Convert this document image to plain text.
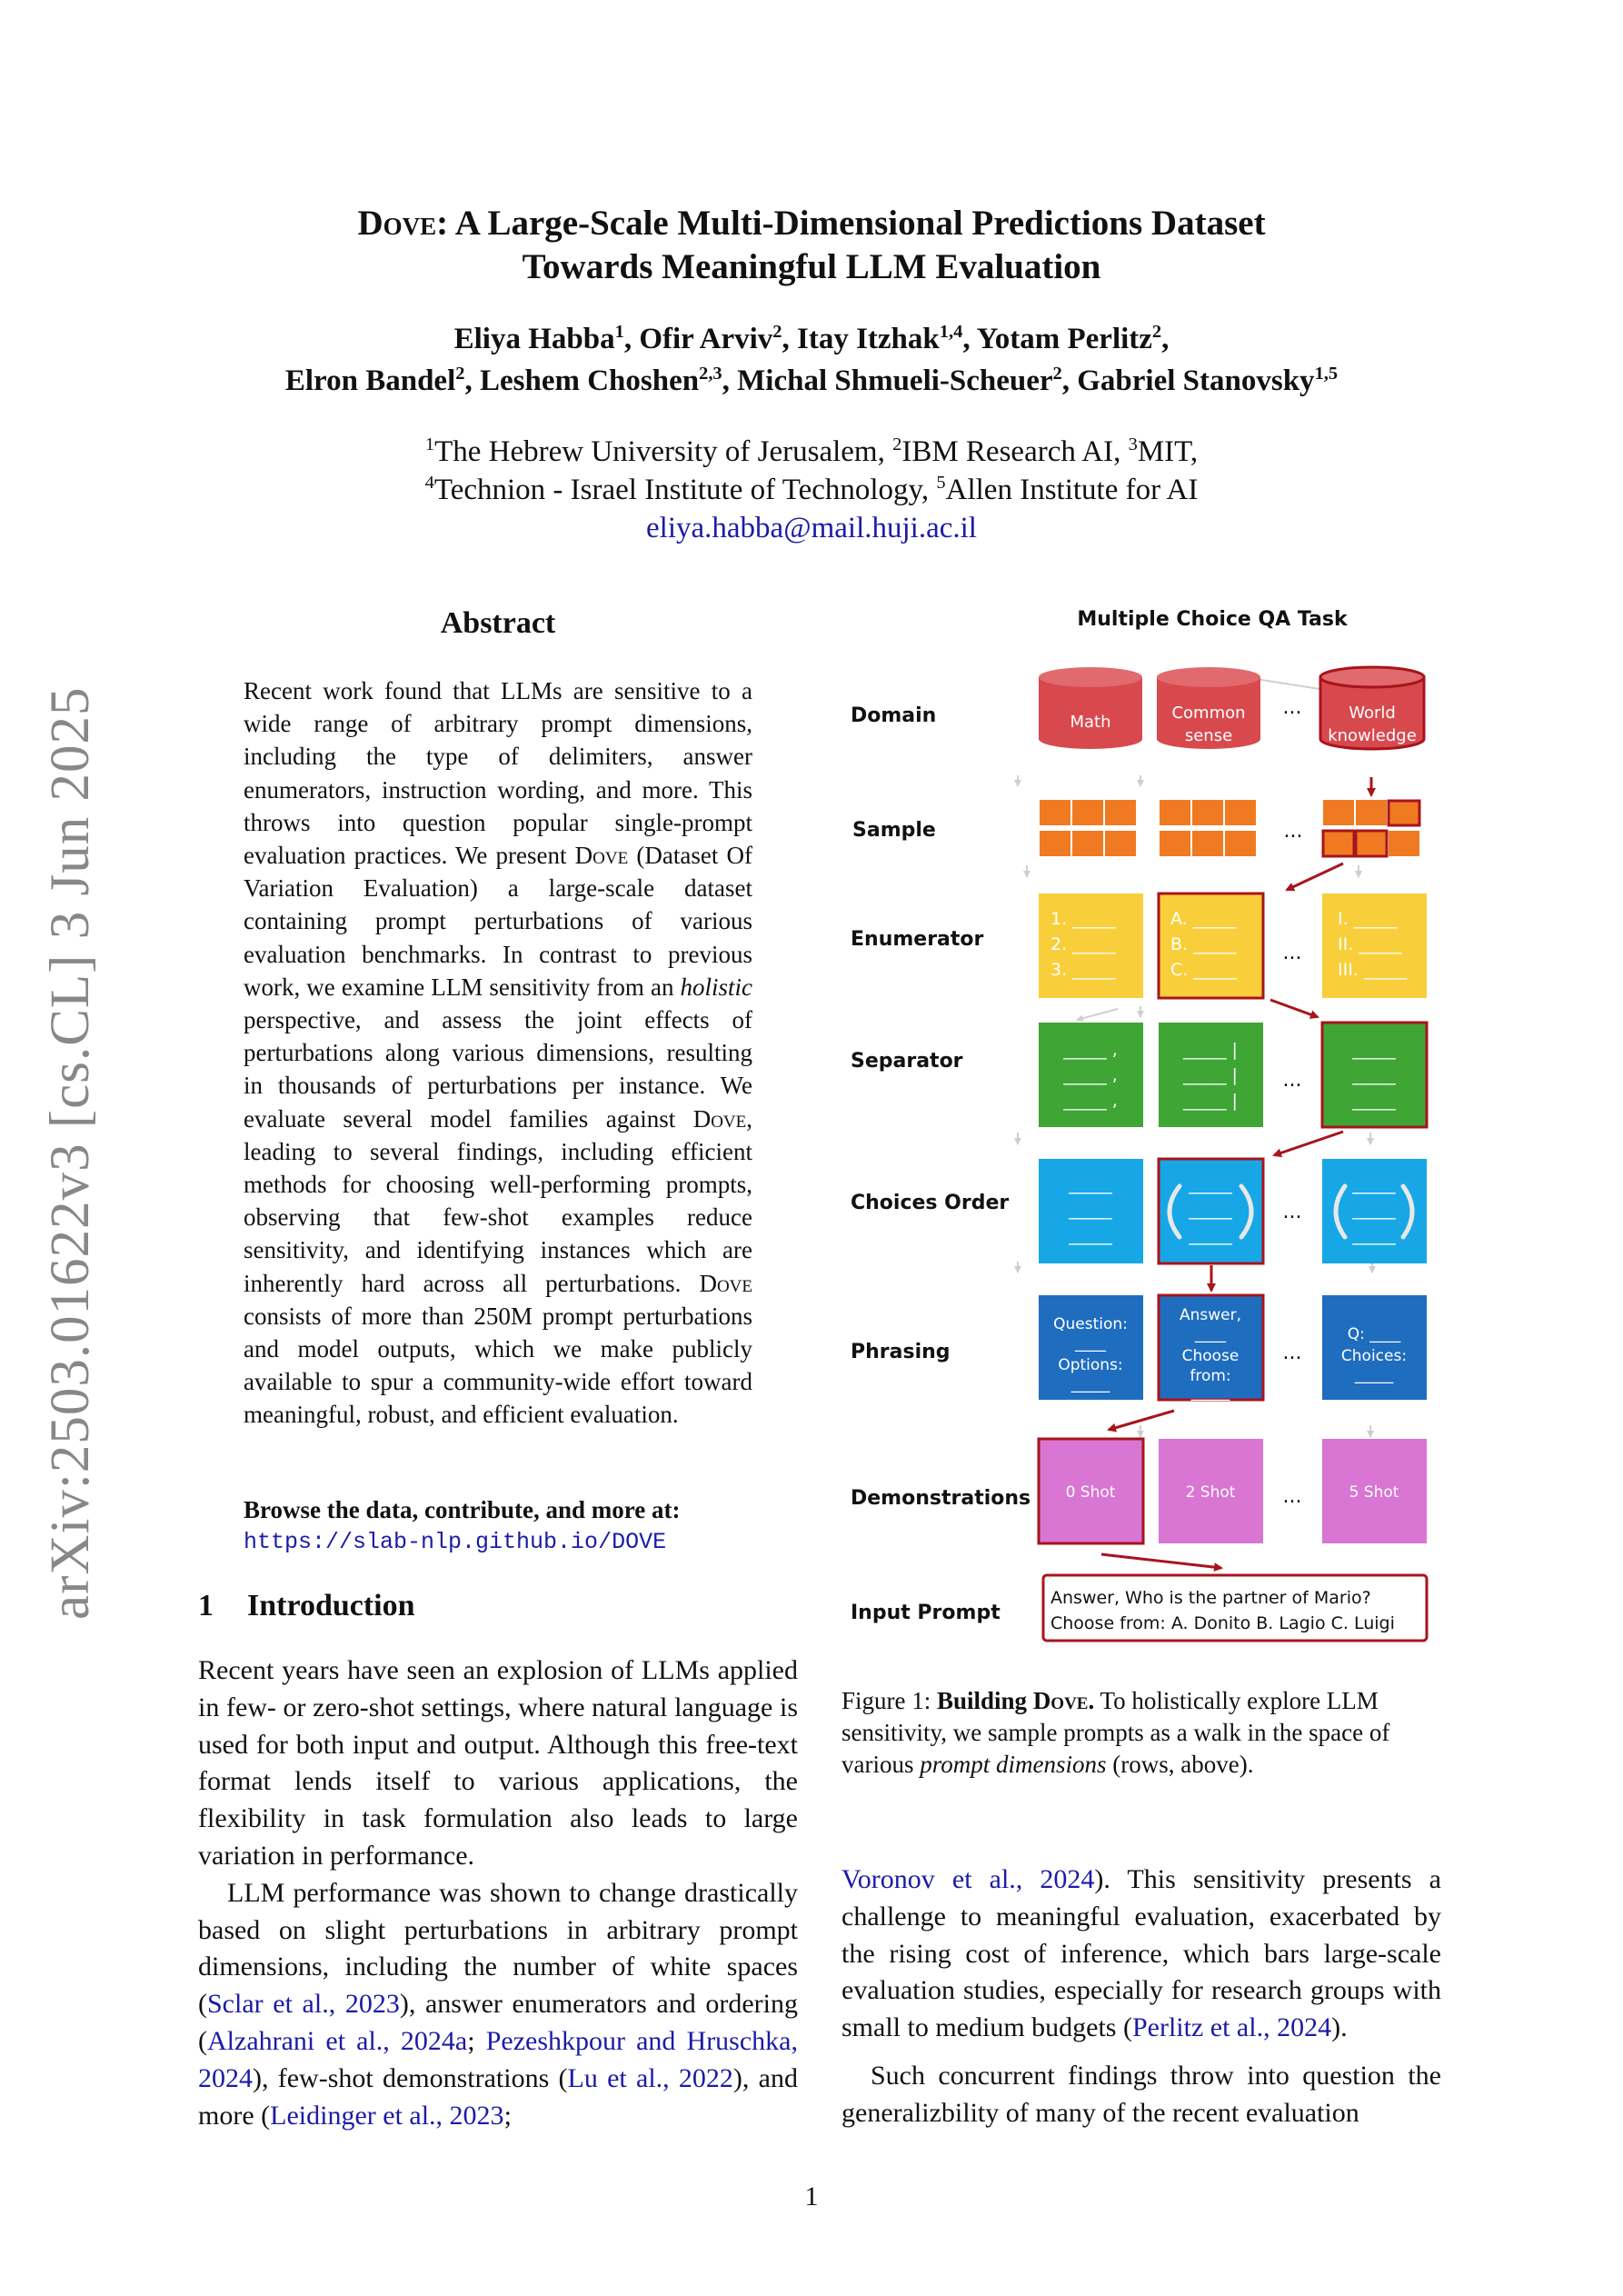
Dove: A Large-Scale Multi-Dimensional Predictions Dataset
Towards Meaningful LLM Evaluation
Eliya Habba$^1$, Ofir Arviv$^2$, Itay Itzhak$^{1,4}$, Yotam Perlitz$^2$,
Elron Bandel$^2$, Leshem Choshen$^{2,3}$, Michal Shmueli-Scheuer$^2$, Gabriel Stanovsky$^{1,5}$
$^1$The Hebrew University of Jerusalem, $^2$IBM Research AI, $^3$MIT,
$^4$Technion - Israel Institute of Technology, $^5$Allen Institute for AI
eliya.habba@mail.huji.ac.il
arXiv:2503.01622v3 [cs.CL] 3 Jun 2025
Abstract

Recent work found that LLMs are sensitive to a wide range of arbitrary prompt dimensions, including the type of delimiters, answer enumerators, instruction wording, and more. This throws into question popular single-prompt evaluation practices. We present Dove (Dataset Of Variation Evaluation) a large-scale dataset containing prompt perturbations of various evaluation benchmarks. In contrast to previous work, we examine LLM sensitivity from an holistic perspective, and assess the joint effects of perturbations along various dimensions, resulting in thousands of perturbations per instance. We evaluate several model families against Dove, leading to several findings, including efficient methods for choosing well-performing prompts, observing that few-shot examples reduce sensitivity, and identifying instances which are inherently hard across all perturbations. Dove consists of more than 250M prompt perturbations and model outputs, which we make publicly available to spur a community-wide effort toward meaningful, robust, and efficient evaluation.

Browse the data, contribute, and more at:
https://slab-nlp.github.io/DOVE
1 Introduction

Recent years have seen an explosion of LLMs applied in few- or zero-shot settings, where natural language is used for both input and output. Although this free-text format lends itself to various applications, the flexibility in task formulation also leads to large variation in performance.

LLM performance was shown to change drastically based on slight perturbations in arbitrary prompt dimensions, including the number of white spaces (Sclar et al., 2023), answer enumerators and ordering (Alzahrani et al., 2024a; Pezeshkpour and Hruschka, 2024), few-shot demonstrations (Lu et al., 2022), and more (Leidinger et al., 2023;

Multiple Choice QA Task
Domain
Sample
Enumerator
Separator
Choices Order
Phrasing
Demonstrations
Input Prompt
Math	Common
sense
World
knowledge
...
...
1. _____
2. _____
3. _____
A. _____
B. _____
C. _____
I. _____
II. _____
III. _____
...
_____ ,
_____ ,
_____ ,
_____ |
_____ |
_____ |
_____
_____
_____
...
_____
_____
_____
_____
_____
_____
_____
_____
_____
...
Question:
____
Options:
_____
Answer,
____
Choose
from:
_____
Q: ____
Choices:
_____
...
0 Shot	2 Shot	5 Shot
...
Answer, Who is the partner of Mario?
Choose from: A. Donito B. Lagio C. Luigi
Figure 1: Building Dove. To holistically explore LLM sensitivity, we sample prompts as a walk in the space of various prompt dimensions (rows, above).

Voronov et al., 2024). This sensitivity presents a challenge to meaningful evaluation, exacerbated by the rising cost of inference, which bars large-scale evaluation studies, especially for research groups with small to medium budgets (Perlitz et al., 2024).

Such concurrent findings throw into question the generalizbility of many of the recent evaluation

1
